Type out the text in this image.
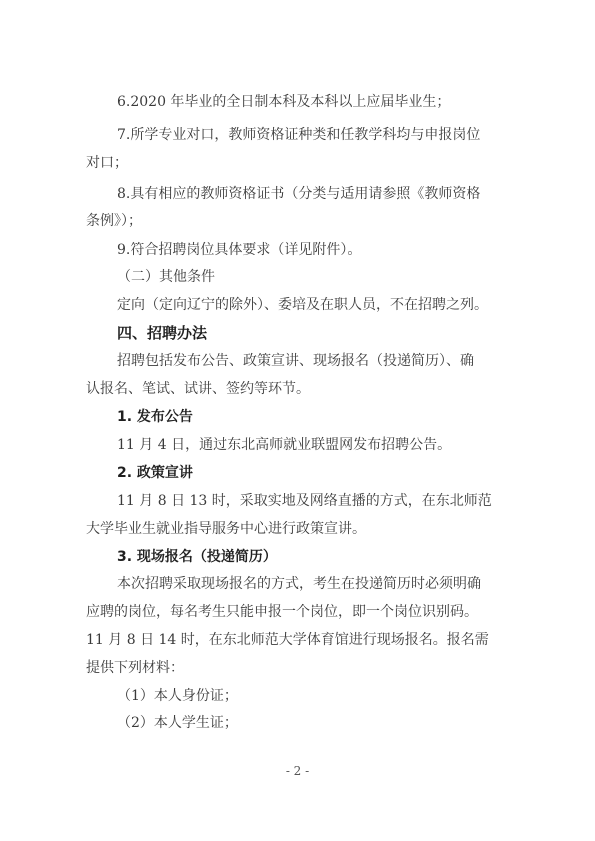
6.2020 年毕业的全日制本科及本科以上应届毕业生；
7.所学专业对口，教师资格证种类和任教学科均与申报岗位
对口；
8.具有相应的教师资格证书（分类与适用请参照《教师资格
条例》）；
9.符合招聘岗位具体要求（详见附件）。
（二）其他条件
定向（定向辽宁的除外）、委培及在职人员，不在招聘之列。
四、招聘办法
招聘包括发布公告、政策宣讲、现场报名（投递简历）、确
认报名、笔试、试讲、签约等环节。
1. 发布公告
11 月 4 日，通过东北高师就业联盟网发布招聘公告。
2. 政策宣讲
11 月 8 日 13 时，采取实地及网络直播的方式，在东北师范
大学毕业生就业指导服务中心进行政策宣讲。
3. 现场报名（投递简历）
本次招聘采取现场报名的方式，考生在投递简历时必须明确
应聘的岗位，每名考生只能申报一个岗位，即一个岗位识别码。
11 月 8 日 14 时，在东北师范大学体育馆进行现场报名。报名需
提供下列材料：
（1）本人身份证；
（2）本人学生证；
- 2 -
